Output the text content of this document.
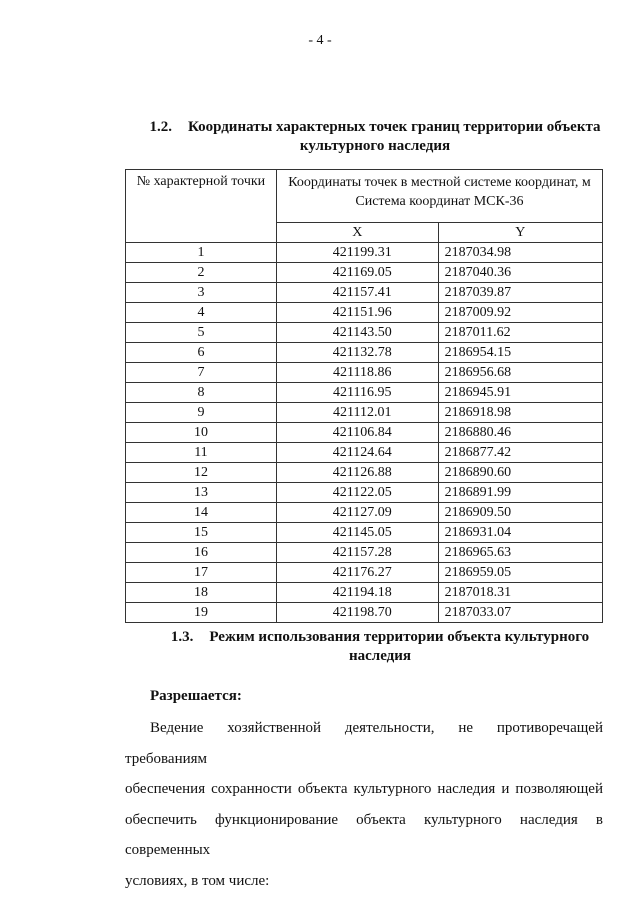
- 4 -
1.2. Координаты характерных точек границ территории объекта
культурного наследия
№ характерной точки	Координаты точек в местной системе координат, м
Система координат МСК-36	

	X	Y
1	421199.31	2187034.98
2	421169.05	2187040.36
3	421157.41	2187039.87
4	421151.96	2187009.92
5	421143.50	2187011.62
6	421132.78	2186954.15
7	421118.86	2186956.68
8	421116.95	2186945.91
9	421112.01	2186918.98
10	421106.84	2186880.46
11	421124.64	2186877.42
12	421126.88	2186890.60
13	421122.05	2186891.99
14	421127.09	2186909.50
15	421145.05	2186931.04
16	421157.28	2186965.63
17	421176.27	2186959.05
18	421194.18	2187018.31
19	421198.70	2187033.07
1.3. Режим использования территории объекта культурного
наследия
Разрешается:
Ведение хозяйственной деятельности, не противоречащей требованиям
обеспечения сохранности объекта культурного наследия и позволяющей
обеспечить функционирование объекта культурного наследия в современных
условиях, в том числе:
